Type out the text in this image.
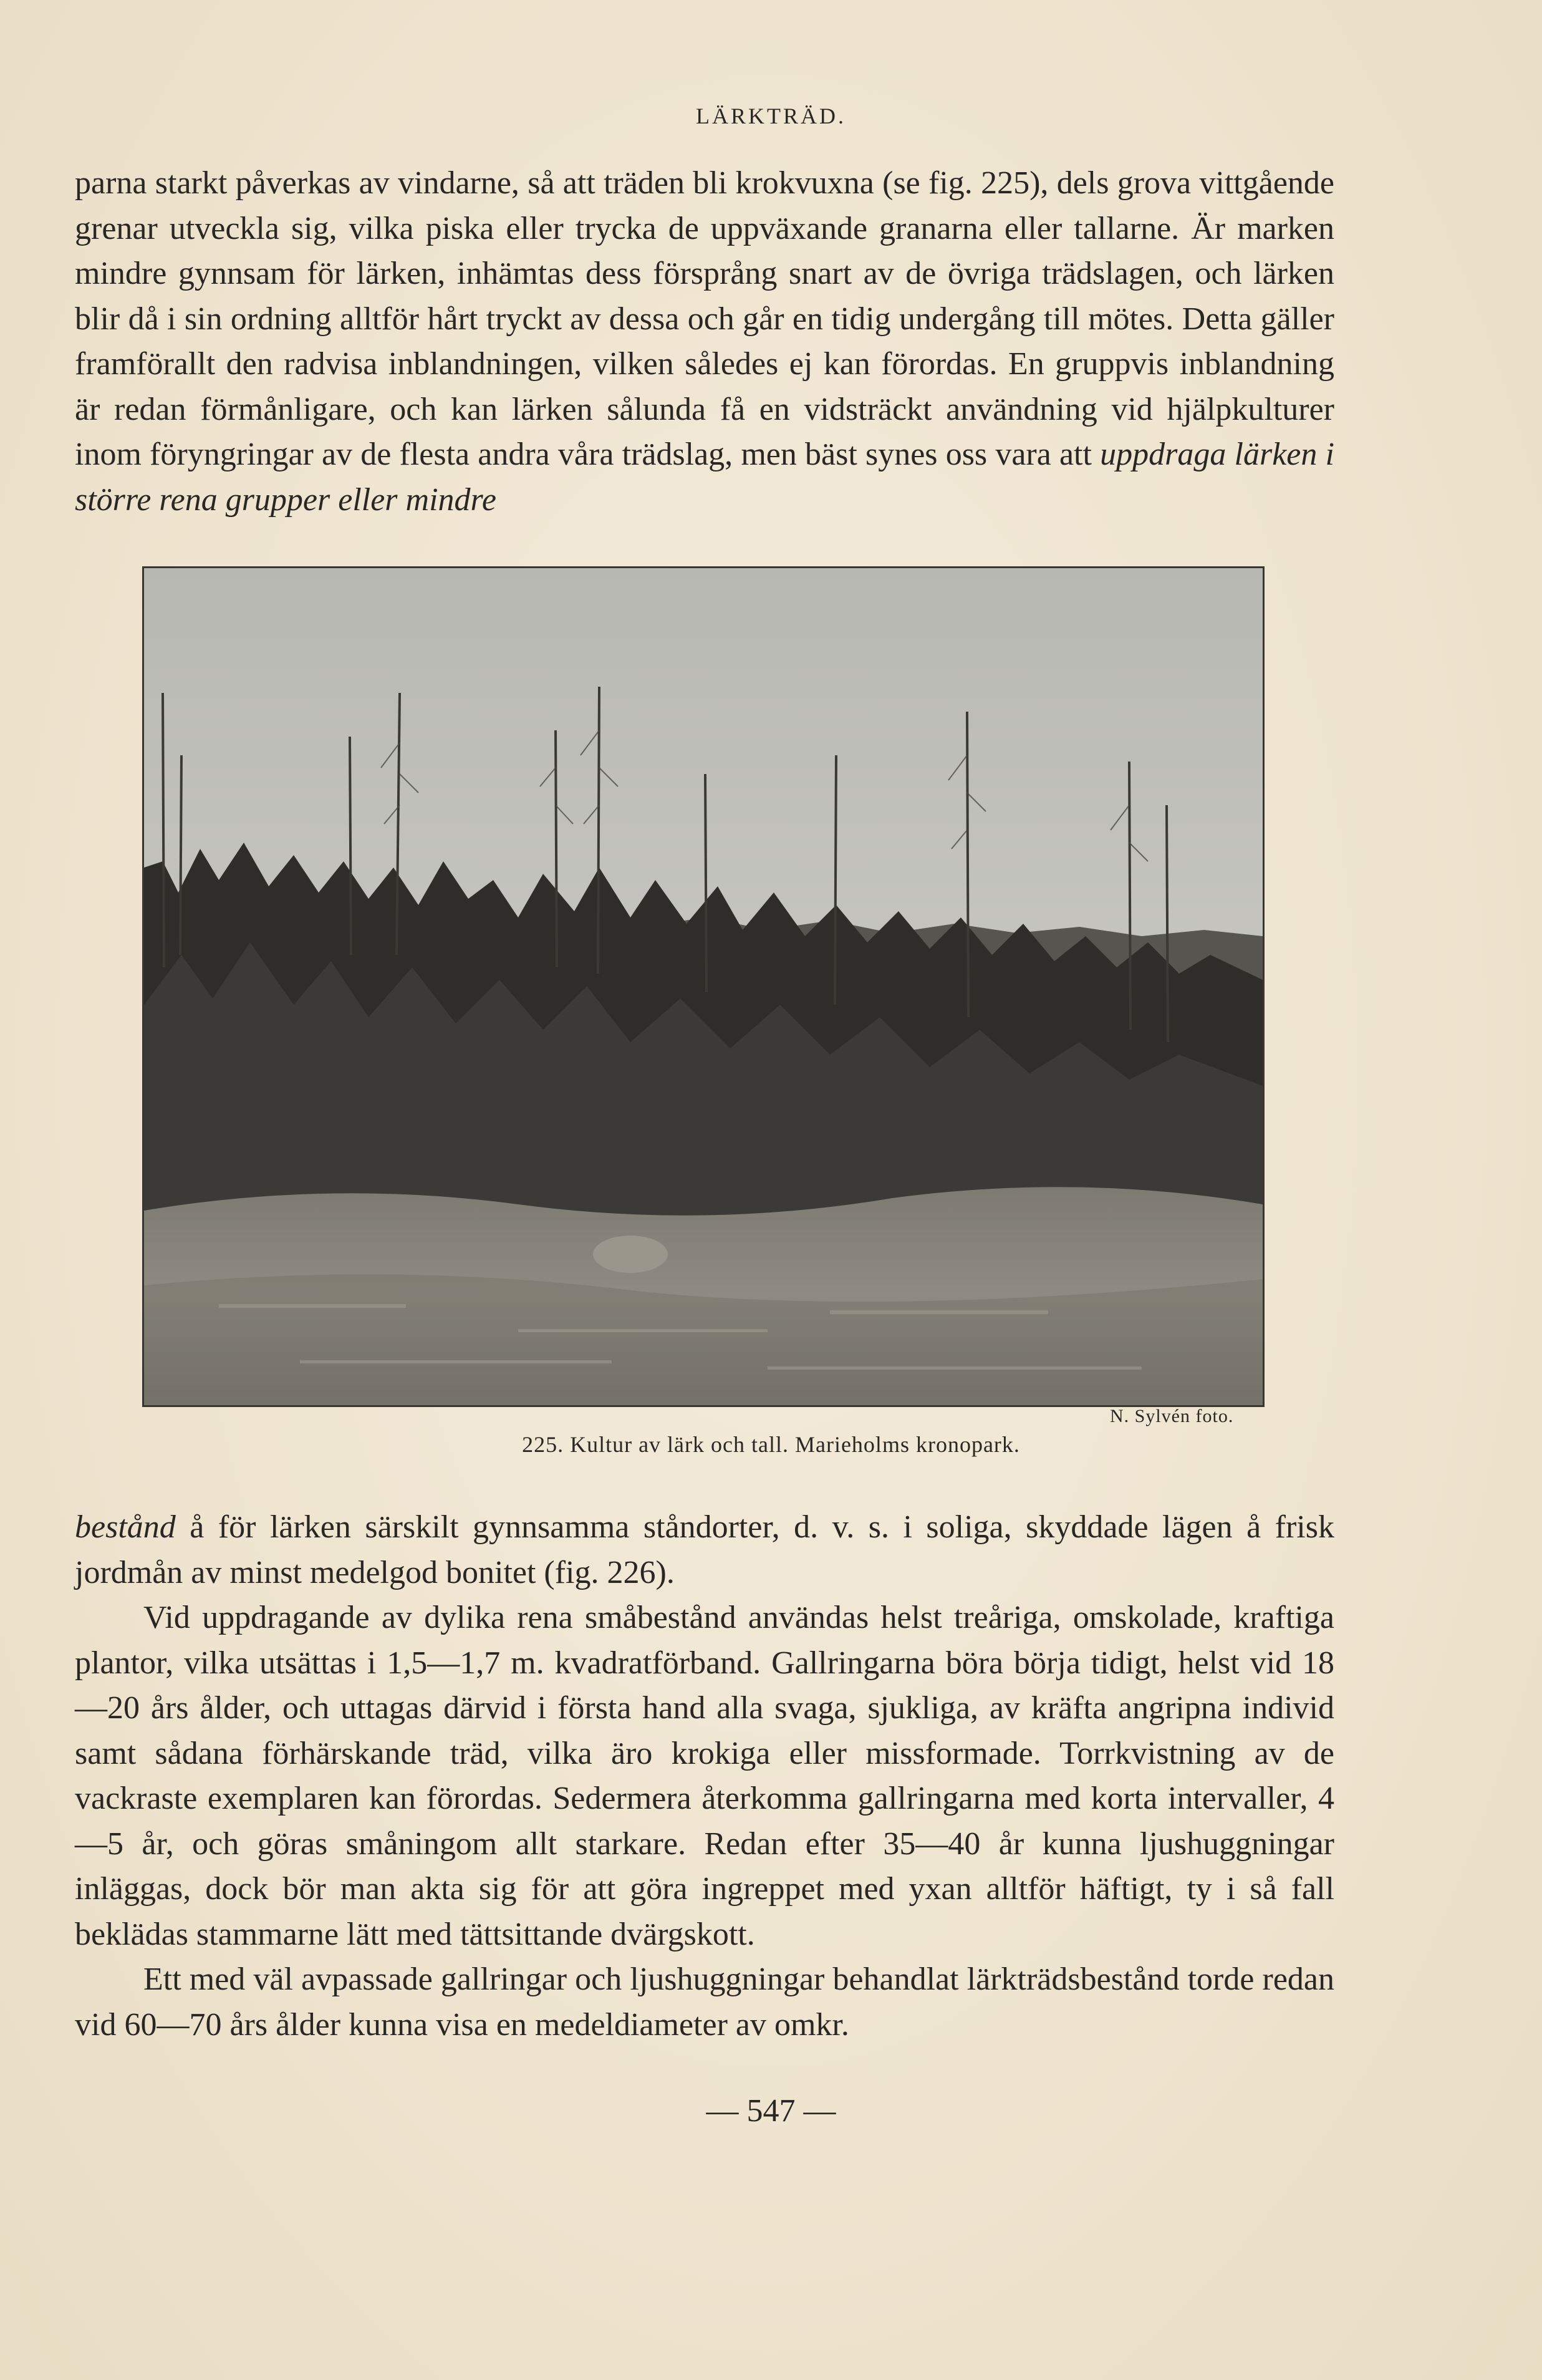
LÄRKTRÄD.

parna starkt påverkas av vindarne, så att träden bli krokvuxna (se fig. 225), dels grova vittgående grenar utveckla sig, vilka piska eller trycka de uppväxande granarna eller tallarne. Är marken mindre gynnsam för lärken, inhämtas dess försprång snart av de övriga trädslagen, och lärken blir då i sin ordning alltför hårt tryckt av dessa och går en tidig undergång till mötes. Detta gäller framförallt den radvisa inblandningen, vilken således ej kan förordas. En gruppvis inblandning är redan förmånligare, och kan lärken sålunda få en vidsträckt användning vid hjälpkulturer inom föryngringar av de flesta andra våra trädslag, men bäst synes oss vara att uppdraga lärken i större rena grupper eller mindre

N. Sylvén foto.
225. Kultur av lärk och tall. Marieholms kronopark.

bestånd å för lärken särskilt gynnsamma ståndorter, d. v. s. i soliga, skyddade lägen å frisk jordmån av minst medelgod bonitet (fig. 226).

Vid uppdragande av dylika rena småbestånd användas helst treåriga, omskolade, kraftiga plantor, vilka utsättas i 1,5—1,7 m. kvadratförband. Gallringarna böra börja tidigt, helst vid 18—20 års ålder, och uttagas därvid i första hand alla svaga, sjukliga, av kräfta angripna individ samt sådana förhärskande träd, vilka äro krokiga eller missformade. Torrkvistning av de vackraste exemplaren kan förordas. Sedermera återkomma gallringarna med korta intervaller, 4—5 år, och göras småningom allt starkare. Redan efter 35—40 år kunna ljushuggningar inläggas, dock bör man akta sig för att göra ingreppet med yxan alltför häftigt, ty i så fall beklädas stammarne lätt med tättsittande dvärgskott.

Ett med väl avpassade gallringar och ljushuggningar behandlat lärkträdsbestånd torde redan vid 60—70 års ålder kunna visa en medeldiameter av omkr.

— 547 —
